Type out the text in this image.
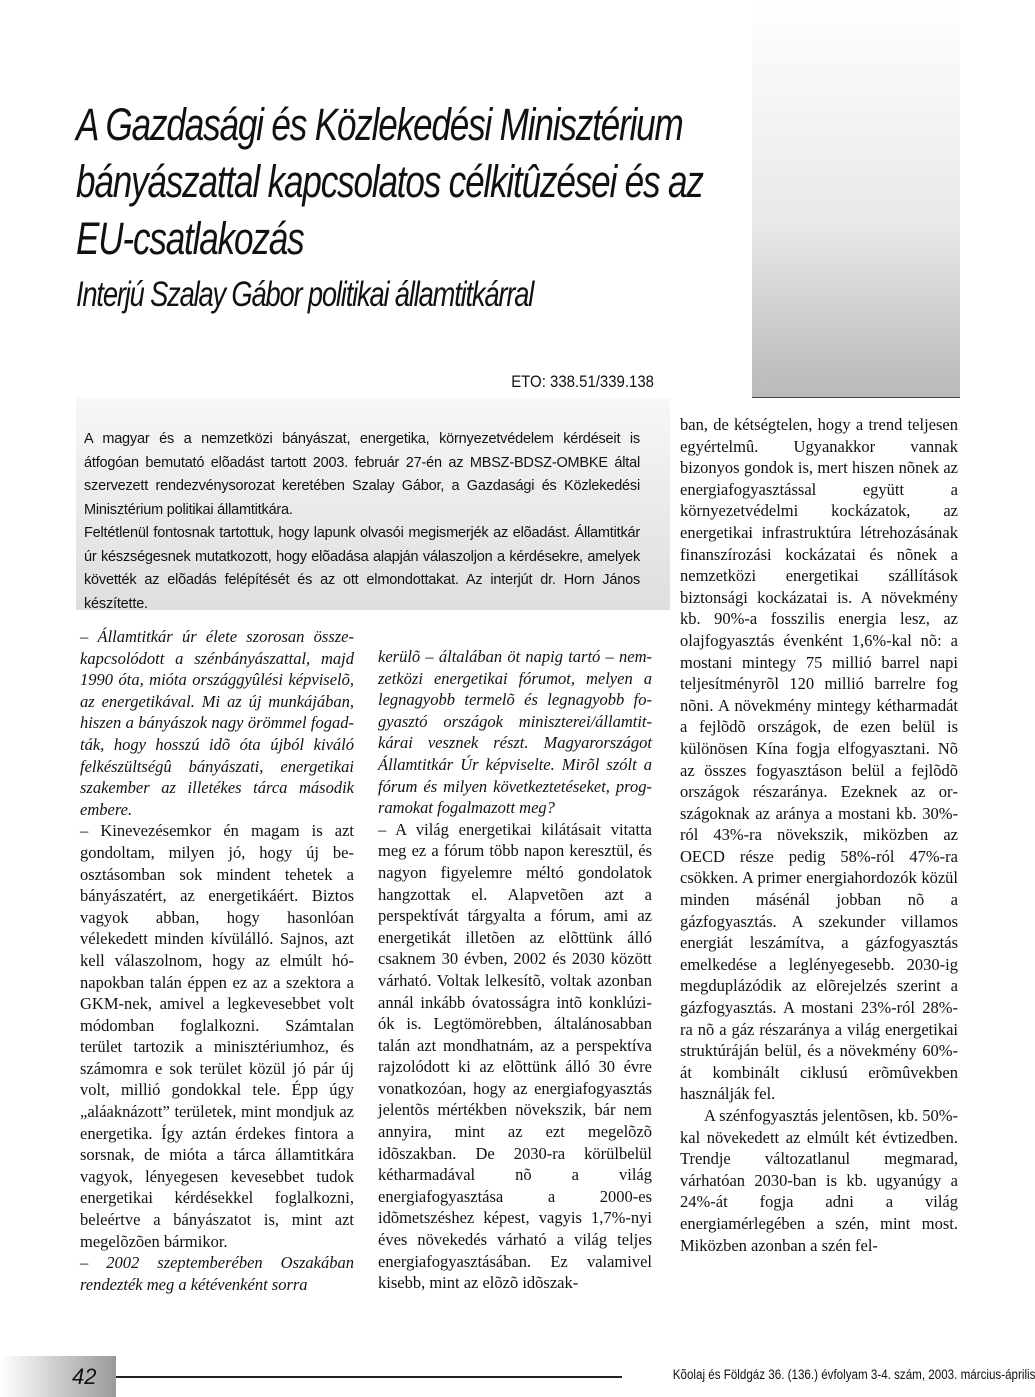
A Gazdasági és Közlekedési Minisztérium bányászattal kapcsolatos célkitûzései és az EU-csatlakozás
Interjú Szalay Gábor politikai államtitkárral
ETO: 338.51/339.138

A magyar és a nemzetközi bányászat, energetika, környezetvédelem kérdéseit is átfogóan bemutató elõadást tartott 2003. február 27-én az MBSZ-BDSZ-OMBKE által szervezett rendezvénysorozat keretében Szalay Gábor, a Gazdasági és Közlekedési Minisztérium politikai államtitkára.

Feltétlenül fontosnak tartottuk, hogy lapunk olvasói megismerjék az elõadást. Államtitkár úr készségesnek mutatkozott, hogy elõadása alapján válaszoljon a kérdésekre, amelyek követték az elõadás felépítését és az ott elmondottakat. Az interjút dr. Horn János készítette.

– Államtitkár úr élete szorosan összekapcsolódott a szénbányászattal, majd 1990 óta, mióta országgyûlési képviselõ, az energetikával. Mi az új munkájában, hiszen a bányászok nagy örömmel fogadták, hogy hosszú idõ óta újból kiváló felkészültségû bányászati, energetikai szakember az illetékes tárca második embere.

– Kinevezésemkor én magam is azt gondoltam, milyen jó, hogy új beosztásomban sok mindent tehetek a bányászatért, az energetikáért. Biztos vagyok abban, hogy hasonlóan vélekedett minden kívülálló. Sajnos, azt kell válaszolnom, hogy az elmúlt hónapokban talán éppen ez az a szektora a GKM-nek, amivel a legkevesebbet volt módomban foglalkozni. Számtalan terület tartozik a minisztériumhoz, és számomra e sok terület közül jó pár új volt, millió gondokkal tele. Épp úgy „aláaknázott” területek, mint mondjuk az energetika. Így aztán érdekes fintora a sorsnak, de mióta a tárca államtitkára vagyok, lényegesen kevesebbet tudok energetikai kérdésekkel foglalkozni, beleértve a bányászatot is, mint azt megelõzõen bármikor.

– 2002 szeptemberében Oszakában rendezték meg a kétévenként sorra

kerülõ – általában öt napig tartó – nemzetközi energetikai fórumot, melyen a legnagyobb termelõ és legnagyobb fogyasztó országok miniszterei/államtitkárai vesznek részt. Magyarországot Államtitkár Úr képviselte. Mirõl szólt a fórum és milyen következtetéseket, programokat fogalmazott meg?

– A világ energetikai kilátásait vitatta meg ez a fórum több napon keresztül, és nagyon figyelemre méltó gondolatok hangzottak el. Alapvetõen azt a perspektívát tárgyalta a fórum, ami az energetikát illetõen az elõttünk álló csaknem 30 évben, 2002 és 2030 között várható. Voltak lelkesítõ, voltak azonban annál inkább óvatosságra intõ konklúziók is. Legtömörebben, általánosabban talán azt mondhatnám, az a perspektíva rajzolódott ki az elõttünk álló 30 évre vonatkozóan, hogy az energiafogyasztás jelentõs mértékben növekszik, bár nem annyira, mint az ezt megelõzõ idõszakban. De 2030-ra körülbelül kétharmadával nõ a világ energiafogyasztása a 2000-es idõmetszéshez képest, vagyis 1,7%-nyi éves növekedés várható a világ teljes energiafogyasztásában. Ez valamivel kisebb, mint az elõzõ idõszak-

ban, de kétségtelen, hogy a trend teljesen egyértelmû. Ugyanakkor vannak bizonyos gondok is, mert hiszen nõnek az energiafogyasztással együtt a környezetvédelmi kockázatok, az energetikai infrastruktúra létrehozásának finanszírozási kockázatai és nõnek a nemzetközi energetikai szállítások biztonsági kockázatai is. A növekmény kb. 90%-a fosszilis energia lesz, az olajfogyasztás évenként 1,6%-kal nõ: a mostani mintegy 75 millió barrel napi teljesítményrõl 120 millió barrelre fog nõni. A növekmény mintegy kétharmadát a fejlõdõ országok, de ezen belül is különösen Kína fogja elfogyasztani. Nõ az összes fogyasztáson belül a fejlõdõ országok részaránya. Ezeknek az országoknak az aránya a mostani kb. 30%-ról 43%-ra növekszik, miközben az OECD része pedig 58%-ról 47%-ra csökken. A primer energiahordozók közül minden másénál jobban nõ a gázfogyasztás. A szekunder villamos energiát leszámítva, a gázfogyasztás emelkedése a leglényegesebb. 2030-ig megduplázódik az elõrejelzés szerint a gázfogyasztás. A mostani 23%-ról 28%-ra nõ a gáz részaránya a világ energetikai struktúráján belül, és a növekmény 60%-át kombinált ciklusú erõmûvekben használják fel.

A szénfogyasztás jelentõsen, kb. 50%-kal növekedett az elmúlt két évtizedben. Trendje változatlanul megmarad, várhatóan 2030-ban is kb. ugyanúgy a 24%-át fogja adni a világ energiamérlegében a szén, mint most. Miközben azonban a szén fel-

42	Kõolaj és Földgáz 36. (136.) évfolyam 3-4. szám, 2003. március-április
